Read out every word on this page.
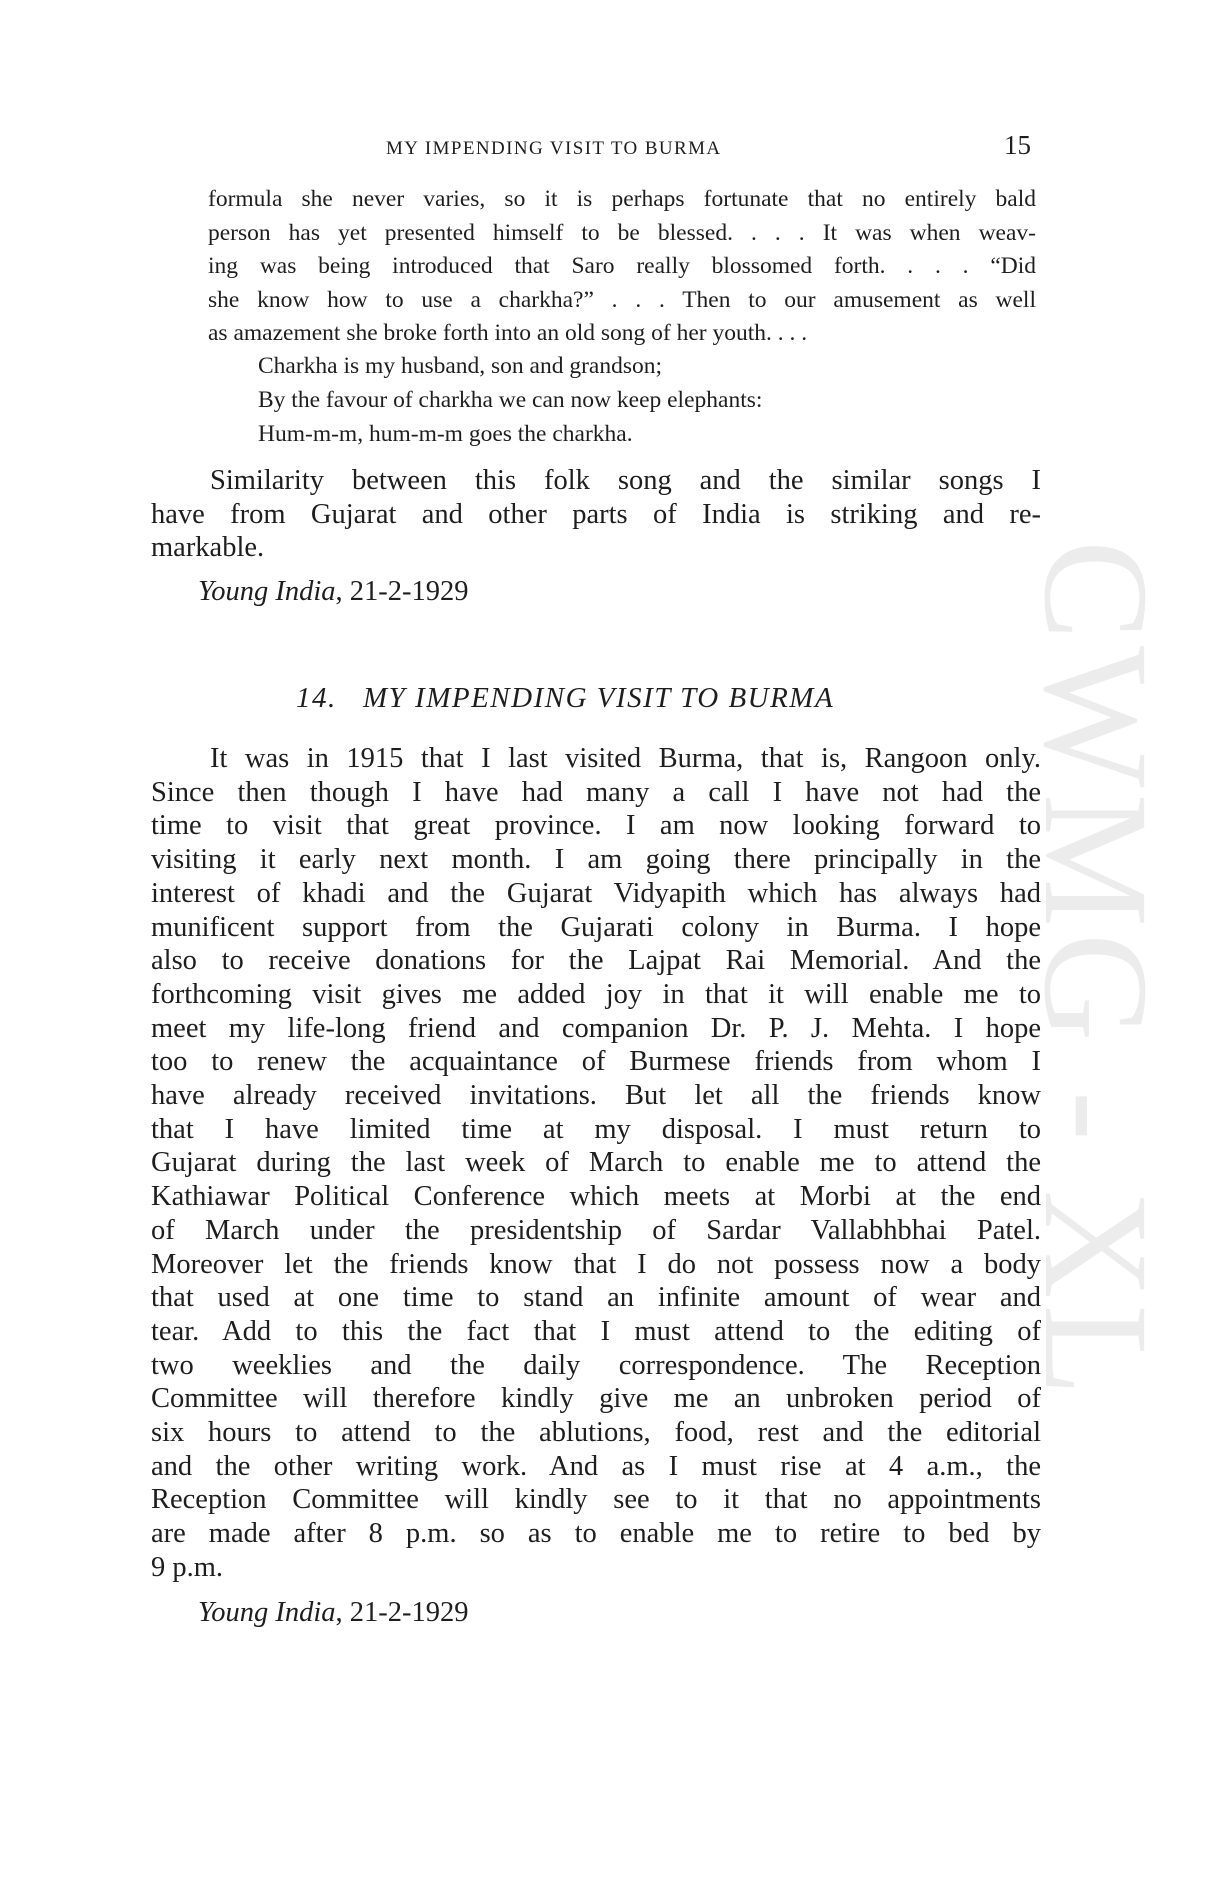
CWMG - XL
MY IMPENDING VISIT TO BURMA	15
formula she never varies, so it is perhaps fortunate that no entirely bald
person has yet presented himself to be blessed. . . . It was when weav-
ing was being introduced that Saro really blossomed forth. . . . “Did
she know how to use a charkha?” . . . Then to our amusement as well
as amazement she broke forth into an old song of her youth. . . .
Charkha is my husband, son and grandson;
By the favour of charkha we can now keep elephants:
Hum-m-m, hum-m-m goes the charkha.
Similarity between this folk song and the similar songs I
have from Gujarat and other parts of India is striking and re-
markable.
Young India, 21-2-1929
14. MY IMPENDING VISIT TO BURMA
It was in 1915 that I last visited Burma, that is, Rangoon only.
Since then though I have had many a call I have not had the
time to visit that great province. I am now looking forward to
visiting it early next month. I am going there principally in the
interest of khadi and the Gujarat Vidyapith which has always had
munificent support from the Gujarati colony in Burma. I hope
also to receive donations for the Lajpat Rai Memorial. And the
forthcoming visit gives me added joy in that it will enable me to
meet my life-long friend and companion Dr. P. J. Mehta. I hope
too to renew the acquaintance of Burmese friends from whom I
have already received invitations. But let all the friends know
that I have limited time at my disposal. I must return to
Gujarat during the last week of March to enable me to attend the
Kathiawar Political Conference which meets at Morbi at the end
of March under the presidentship of Sardar Vallabhbhai Patel.
Moreover let the friends know that I do not possess now a body
that used at one time to stand an infinite amount of wear and
tear. Add to this the fact that I must attend to the editing of
two weeklies and the daily correspondence. The Reception
Committee will therefore kindly give me an unbroken period of
six hours to attend to the ablutions, food, rest and the editorial
and the other writing work. And as I must rise at 4 a.m., the
Reception Committee will kindly see to it that no appointments
are made after 8 p.m. so as to enable me to retire to bed by
9 p.m.
Young India, 21-2-1929
